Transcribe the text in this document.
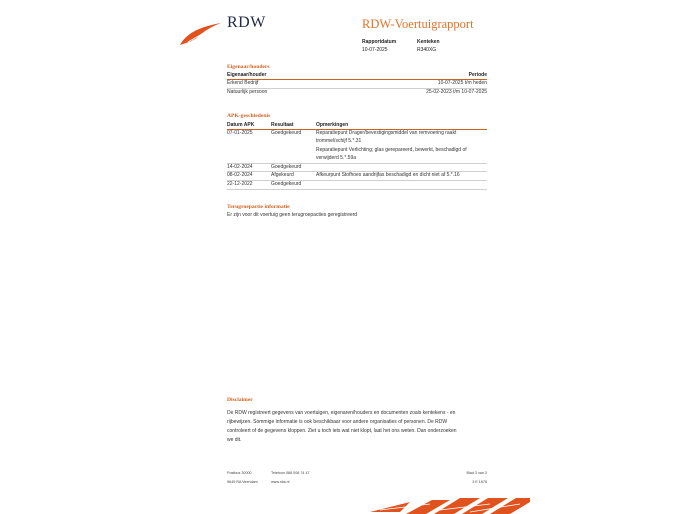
RDW	RDW-Voertuigrapport
Rapportdatum
10-07-2025
Kenteken
R340XG
Eigenaar/houders
Eigenaar/houder	Periode
Erkend Bedrijf	10-07-2025 t/m heden
Natuurlijk persoon	25-02-2023 t/m 10-07-2025
APK-geschiedenis
Datum APK	Resultaat	Opmerkingen
07-01-2025	Goedgekeurd	Reparatiepunt Drager/bevestigingsmiddel van remvoering raakt
trommel/schijf 5.*.31
Reparatiepunt Verlichting; glas gerepareerd, bewerkt, beschadigd of
verwijderd 5.*.59a
14-02-2024	Goedgekeurd
08-02-2024	Afgekeurd	Afkeurpunt Stofhoes aandrijfas beschadigd en dicht niet af 5.*.16
22-12-2022	Goedgekeurd
Terugroepactie informatie
Er zijn voor dit voertuig geen terugroepacties geregistreerd
Disclaimer
De RDW registreert gegevens van voertuigen, eigenaren/houders en documenten zoals kentekens - en
rijbewijzen. Sommige informatie is ook beschikbaar voor andere organisaties of personen. De RDW
controleert of de gegevens kloppen. Ziet u toch iets wat niet klopt, laat het ons weten. Dan onderzoeken
we dit.
Postbus 30000
9640 RA Veendam
Telefoon 088 008 74 47
www.rdw.nl
Blad 3 van 3
3 E 1678
